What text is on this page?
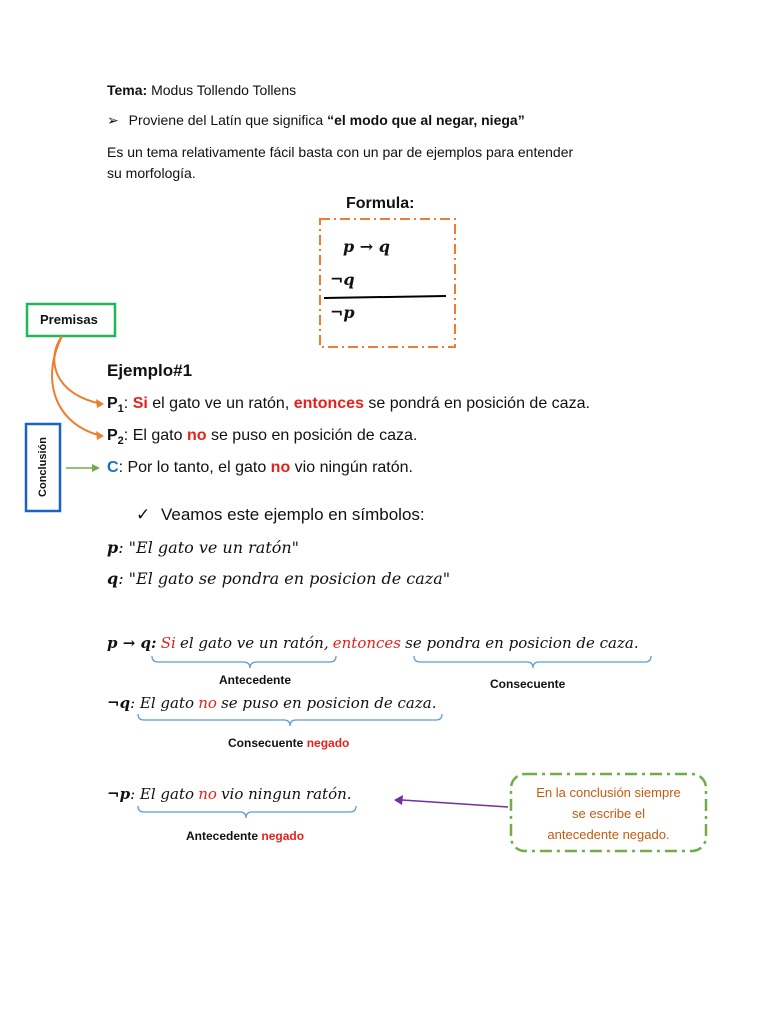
Tema: Modus Tollendo Tollens
➢ Proviene del Latín que significa “el modo que al negar, niega”
Es un tema relativamente fácil basta con un par de ejemplos para entender
su morfología.
Formula:
p → q
¬q
¬p
Premisas
Conclusión
Ejemplo#1
$P_1$: Si el gato ve un ratón, entonces se pondrá en posición de caza.
$P_2$: El gato no se puso en posición de caza.
C: Por lo tanto, el gato no vio ningún ratón.
✓ Veamos este ejemplo en símbolos:
p: "El gato ve un ratón"
q: "El gato se pondra en posicion de caza"
p → q: Si el gato ve un ratón, entonces se pondra en posicion de caza.
Antecedente	Consecuente
¬q: El gato no se puso en posicion de caza.
Consecuente negado
¬p: El gato no vio ningun ratón.
Antecedente negado
En la conclusión siempre
se escribe el
antecedente negado.
